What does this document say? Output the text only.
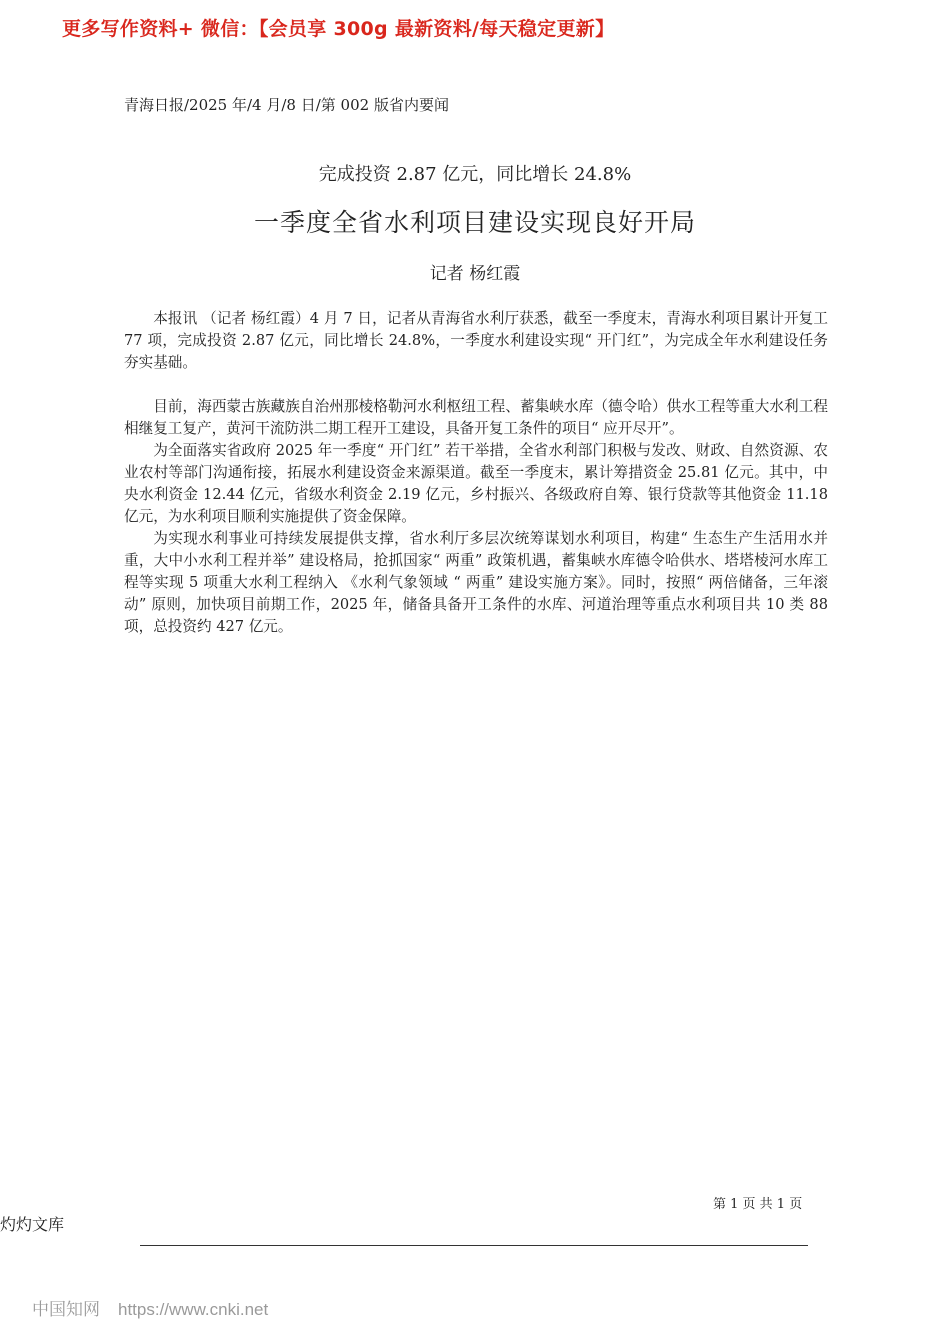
更多写作资料+ 微信：【会员享 300g 最新资料/每天稳定更新】
青海日报/2025 年/4 月/8 日/第 002 版省内要闻
完成投资 2.87 亿元，同比增长 24.8%
一季度全省水利项目建设实现良好开局
记者 杨红霞

本报讯 （记者 杨红霞）4 月 7 日，记者从青海省水利厅获悉，截至一季度末，青海水利项目累计开复工 77 项，完成投资 2.87 亿元，同比增长 24.8%，一季度水利建设实现“ 开门红”，为完成全年水利建设任务夯实基础。

目前，海西蒙古族藏族自治州那棱格勒河水利枢纽工程、蓄集峡水库（德令哈）供水工程等重大水利工程相继复工复产，黄河干流防洪二期工程开工建设，具备开复工条件的项目“ 应开尽开”。

为全面落实省政府 2025 年一季度“ 开门红” 若干举措，全省水利部门积极与发改、财政、自然资源、农业农村等部门沟通衔接，拓展水利建设资金来源渠道。截至一季度末，累计筹措资金 25.81 亿元。其中，中央水利资金 12.44 亿元，省级水利资金 2.19 亿元，乡村振兴、各级政府自筹、银行贷款等其他资金 11.18 亿元，为水利项目顺利实施提供了资金保障。

为实现水利事业可持续发展提供支撑，省水利厅多层次统筹谋划水利项目，构建“ 生态生产生活用水并重，大中小水利工程并举” 建设格局，抢抓国家“ 两重” 政策机遇，蓄集峡水库德令哈供水、塔塔棱河水库工程等实现 5 项重大水利工程纳入 《水利气象领域 “ 两重” 建设实施方案》。同时，按照“ 两倍储备，三年滚动” 原则，加快项目前期工作，2025 年，储备具备开工条件的水库、河道治理等重点水利项目共 10 类 88 项，总投资约 427 亿元。

第 1 页 共 1 页
灼灼文库
中国知网 https://www.cnki.net
